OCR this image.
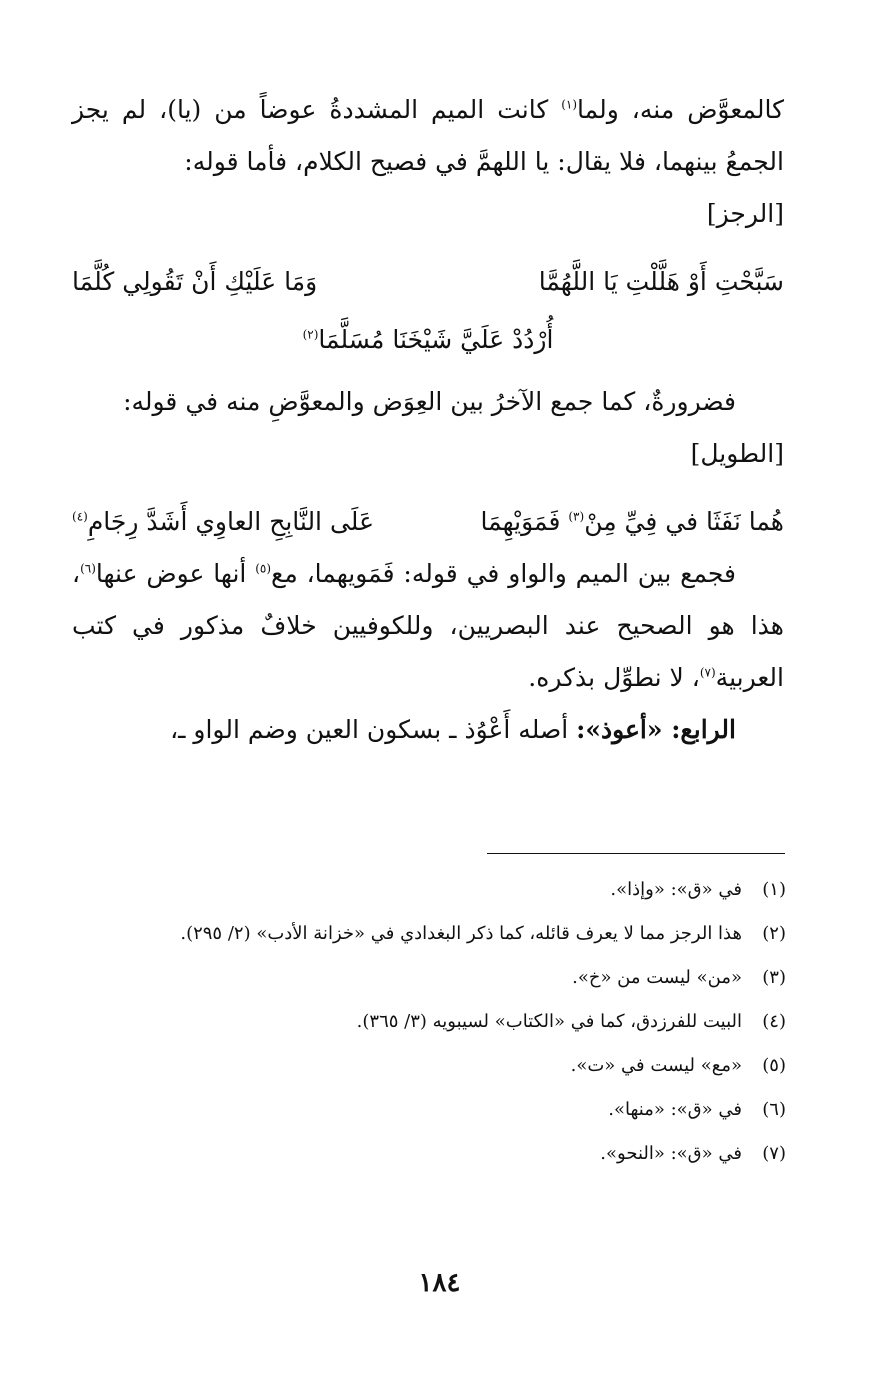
كالمعوَّض منه، ولما$^{(١)}$ كانت الميم المشددةُ عوضاً من (يا)، لم يجز الجمعُ بينهما، فلا يقال: يا اللهمَّ في فصيح الكلام، فأما قوله:

[الرجز]

سَبَّحْتِ أَوْ هَلَّلْتِ يَا اللَّهُمَّا
وَمَا عَلَيْكِ أَنْ تَقُولِي كُلَّمَا

أُرْدُدْ عَلَيَّ شَيْخَنَا مُسَلَّمَا$^{(٢)}$

فضرورةٌ، كما جمع الآخرُ بين العِوَض والمعوَّضِ منه في قوله:

[الطويل]

هُما نَفَثَا في فِيِّ مِنْ$^{(٣)}$ فَمَوَيْهِمَا
عَلَى النَّابِحِ العاوِي أَشَدَّ رِجَامِ$^{(٤)}$

فجمع بين الميم والواو في قوله: فَمَويهما، مع$^{(٥)}$ أنها عوض عنها$^{(٦)}$، هذا هو الصحيح عند البصريين، وللكوفيين خلافٌ مذكور في كتب العربية$^{(٧)}$، لا نطوِّل بذكره.

الرابع: «أعوذ»: أصله أَعْوُذ ـ بسكون العين وضم الواو ـ،

(١)
في «ق»: «وإذا».
(٢)
هذا الرجز مما لا يعرف قائله، كما ذكر البغدادي في «خزانة الأدب» (٢/ ٢٩٥).
(٣)
«من» ليست من «خ».
(٤)
البيت للفرزدق، كما في «الكتاب» لسيبويه (٣/ ٣٦٥).
(٥)
«مع» ليست في «ت».
(٦)
في «ق»: «منها».
(٧)
في «ق»: «النحو».
١٨٤
